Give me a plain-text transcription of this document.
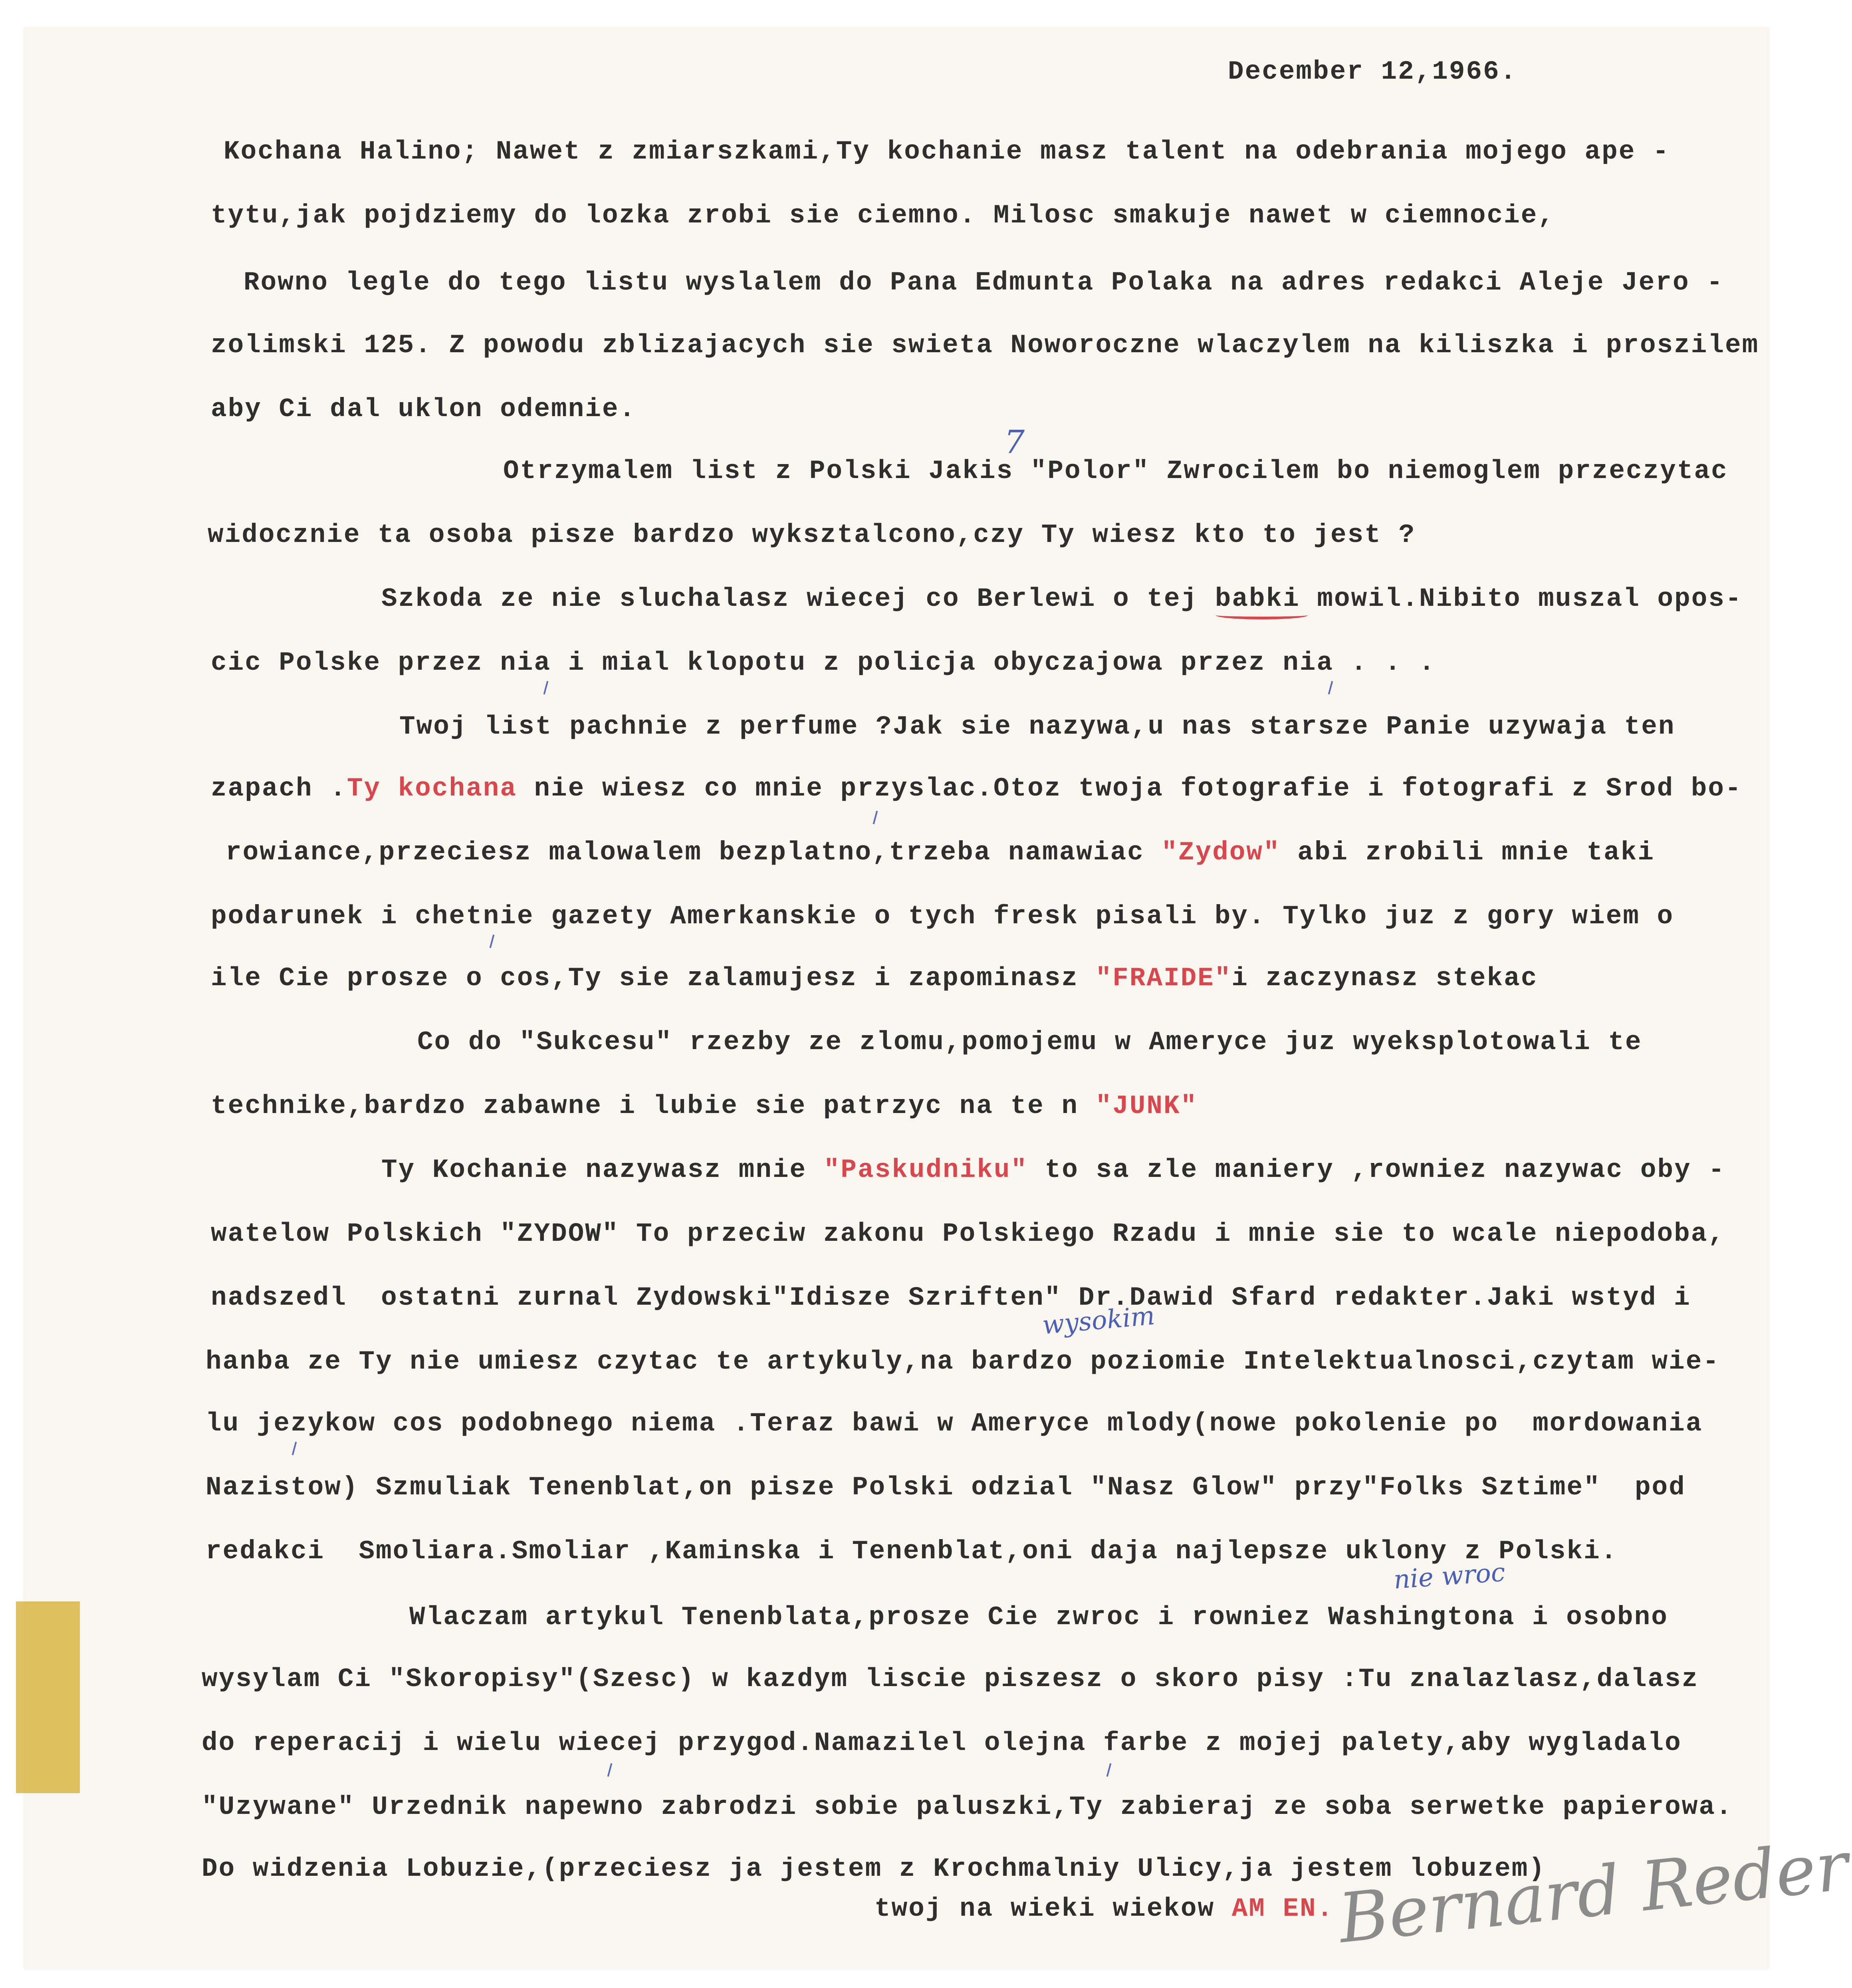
December 12,1966.
Kochana Halino; Nawet z zmiarszkami,Ty kochanie masz talent na odebrania mojego ape -
tytu,jak pojdziemy do lozka zrobi sie ciemno. Milosc smakuje nawet w ciemnocie,
Rowno legle do tego listu wyslalem do Pana Edmunta Polaka na adres redakci Aleje Jero -
zolimski 125. Z powodu zblizajacych sie swieta Noworoczne wlaczylem na kiliszka i proszilem
aby Ci dal uklon odemnie.
Otrzymalem list z Polski Jakis "Polor" Zwrocilem bo niemoglem przeczytac
widocznie ta osoba pisze bardzo wyksztalcono,czy Ty wiesz kto to jest ?
Szkoda ze nie sluchalasz wiecej co Berlewi o tej babki mowil.Nibito muszal opos-
cic Polske przez nia i mial klopotu z policja obyczajowa przez nia . . .
Twoj list pachnie z perfume ?Jak sie nazywa,u nas starsze Panie uzywaja ten
zapach .Ty kochana nie wiesz co mnie przyslac.Otoz twoja fotografie i fotografi z Srod bo-
rowiance,przeciesz malowalem bezplatno,trzeba namawiac "Zydow" abi zrobili mnie taki
podarunek i chetnie gazety Amerkanskie o tych fresk pisali by. Tylko juz z gory wiem o
ile Cie prosze o cos,Ty sie zalamujesz i zapominasz "FRAIDE"i zaczynasz stekac
Co do "Sukcesu" rzezby ze zlomu,pomojemu w Ameryce juz wyeksplotowali te
technike,bardzo zabawne i lubie sie patrzyc na te n "JUNK"
Ty Kochanie nazywasz mnie "Paskudniku" to sa zle maniery ,rowniez nazywac oby -
watelow Polskich "ZYDOW" To przeciw zakonu Polskiego Rzadu i mnie sie to wcale niepodoba,
nadszedl  ostatni zurnal Zydowski"Idisze Szriften" Dr.Dawid Sfard redakter.Jaki wstyd i
hanba ze Ty nie umiesz czytac te artykuly,na bardzo poziomie Intelektualnosci,czytam wie-
wysokim
lu jezykow cos podobnego niema .Teraz bawi w Ameryce mlody(nowe pokolenie po  mordowania
Nazistow) Szmuliak Tenenblat,on pisze Polski odzial "Nasz Glow" przy"Folks Sztime"  pod
redakci  Smoliara.Smoliar ,Kaminska i Tenenblat,oni daja najlepsze uklony z Polski.
Wlaczam artykul Tenenblata,prosze Cie zwroc i rowniez Washingtona i osobno
nie wroc
wysylam Ci "Skoropisy"(Szesc) w kazdym liscie piszesz o skoro pisy :Tu znalazlasz,dalasz
do reperacij i wielu wiecej przygod.Namazilel olejna farbe z mojej palety,aby wygladalo
"Uzywane" Urzednik napewno zabrodzi sobie paluszki,Ty zabieraj ze soba serwetke papierowa.
Do widzenia Lobuzie,(przeciesz ja jestem z Krochmalniy Ulicy,ja jestem lobuzem)
twoj na wieki wiekow AM EN.
7
Bernard Reder
